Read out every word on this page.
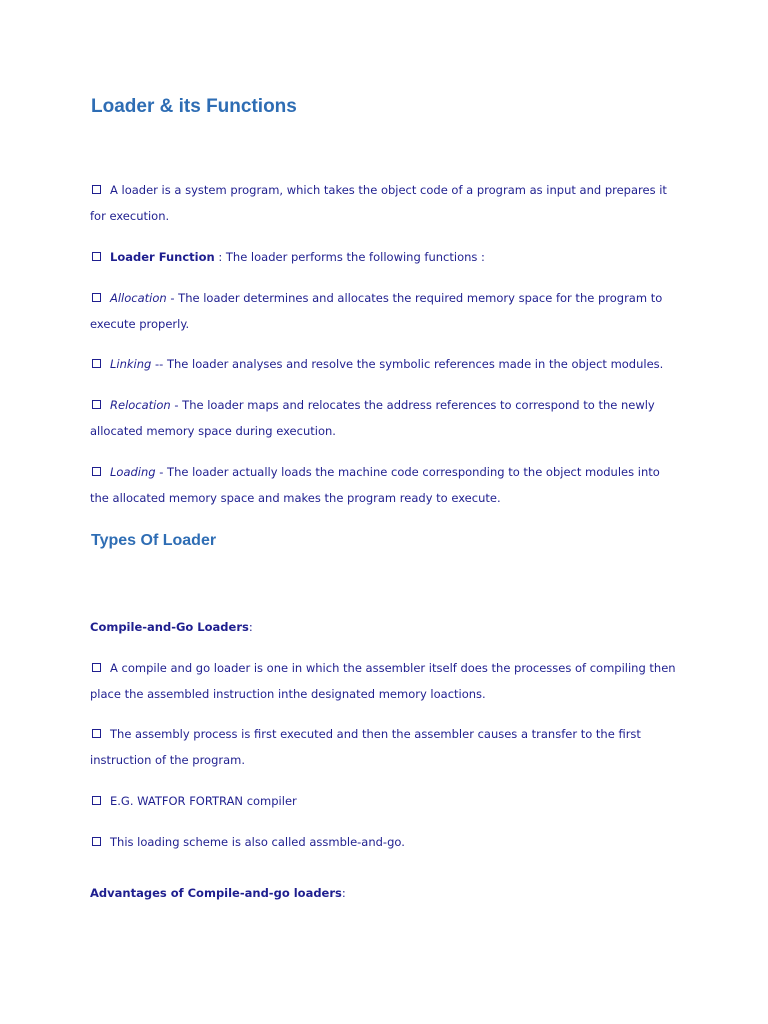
Loader & its Functions

A loader is a system program, which takes the object code of a program as input and prepares it for execution.

Loader Function : The loader performs the following functions :

Allocation - The loader determines and allocates the required memory space for the program to execute properly.

Linking -- The loader analyses and resolve the symbolic references made in the object modules.

Relocation - The loader maps and relocates the address references to correspond to the newly allocated memory space during execution.

Loading - The loader actually loads the machine code corresponding to the object modules into the allocated memory space and makes the program ready to execute.

Types Of Loader

Compile-and-Go Loaders:

A compile and go loader is one in which the assembler itself does the processes of compiling then place the assembled instruction inthe designated memory loactions.

The assembly process is first executed and then the assembler causes a transfer to the first instruction of the program.

E.G. WATFOR FORTRAN compiler

This loading scheme is also called assmble-and-go.

Advantages of Compile-and-go loaders:
